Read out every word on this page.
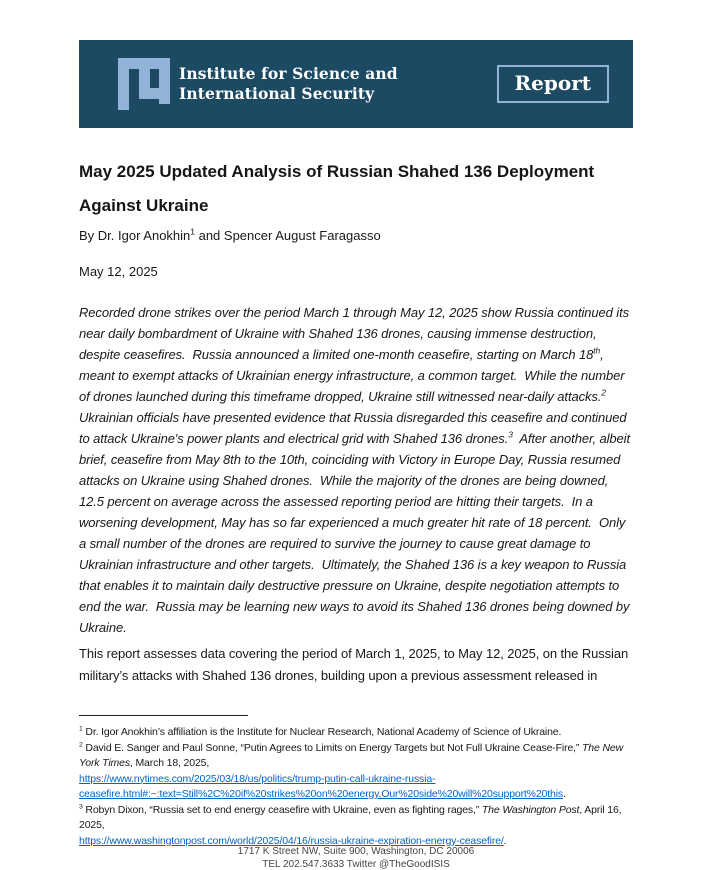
Institute for Science and
International Security	Report
May 2025 Updated Analysis of Russian Shahed 136 Deployment Against Ukraine

By Dr. Igor Anokhin$^1$ and Spencer August Faragasso

May 12, 2025

Recorded drone strikes over the period March 1 through May 12, 2025 show Russia continued its near daily bombardment of Ukraine with Shahed 136 drones, causing immense destruction, despite ceasefires.  Russia announced a limited one-month ceasefire, starting on March 18th, meant to exempt attacks of Ukrainian energy infrastructure, a common target.  While the number of drones launched during this timeframe dropped, Ukraine still witnessed near-daily attacks.$^2$  Ukrainian officials have presented evidence that Russia disregarded this ceasefire and continued to attack Ukraine's power plants and electrical grid with Shahed 136 drones.$^3$  After another, albeit brief, ceasefire from May 8th to the 10th, coinciding with Victory in Europe Day, Russia resumed attacks on Ukraine using Shahed drones.  While the majority of the drones are being downed, 12.5 percent on average across the assessed reporting period are hitting their targets.  In a worsening development, May has so far experienced a much greater hit rate of 18 percent.  Only a small number of the drones are required to survive the journey to cause great damage to Ukrainian infrastructure and other targets.  Ultimately, the Shahed 136 is a key weapon to Russia that enables it to maintain daily destructive pressure on Ukraine, despite negotiation attempts to end the war.  Russia may be learning new ways to avoid its Shahed 136 drones being downed by Ukraine.

This report assesses data covering the period of March 1, 2025, to May 12, 2025, on the Russian military’s attacks with Shahed 136 drones, building upon a previous assessment released in

$^1$ Dr. Igor Anokhin’s affiliation is the Institute for Nuclear Research, National Academy of Science of Ukraine.

$^2$ David E. Sanger and Paul Sonne, “Putin Agrees to Limits on Energy Targets but Not Full Ukraine Cease-Fire,” The New York Times, March 18, 2025,
https://www.nytimes.com/2025/03/18/us/politics/trump-putin-call-ukraine-russia-ceasefire.html#:~:text=Still%2C%20if%20strikes%20on%20energy,Our%20side%20will%20support%20this.

$^3$ Robyn Dixon, “Russia set to end energy ceasefire with Ukraine, even as fighting rages,” The Washington Post, April 16, 2025,
https://www.washingtonpost.com/world/2025/04/16/russia-ukraine-expiration-energy-ceasefire/.

1717 K Street NW, Suite 900, Washington, DC 20006
TEL 202.547.3633 Twitter @TheGoodISIS
